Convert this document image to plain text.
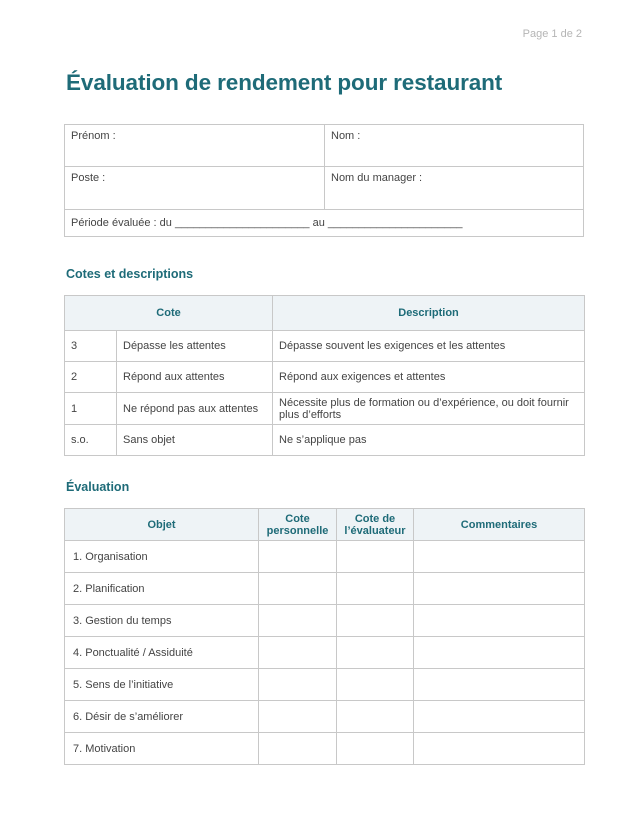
Page 1 de 2
Évaluation de rendement pour restaurant
Prénom :	Nom :
Poste :	Nom du manager :
Période évaluée : du ______________________ au ______________________	
Cotes et descriptions
Cote		Description
3	Dépasse les attentes	Dépasse souvent les exigences et les attentes
2	Répond aux attentes	Répond aux exigences et attentes
1	Ne répond pas aux attentes	Nécessite plus de formation ou d’expérience, ou doit fournir plus d’efforts
s.o.	Sans objet	Ne s’applique pas
Évaluation
Objet	Cote personnelle	Cote de l’évaluateur	Commentaires
1. Organisation			
2. Planification			
3. Gestion du temps			
4. Ponctualité / Assiduité			
5. Sens de l’initiative			
6. Désir de s’améliorer			
7. Motivation			
